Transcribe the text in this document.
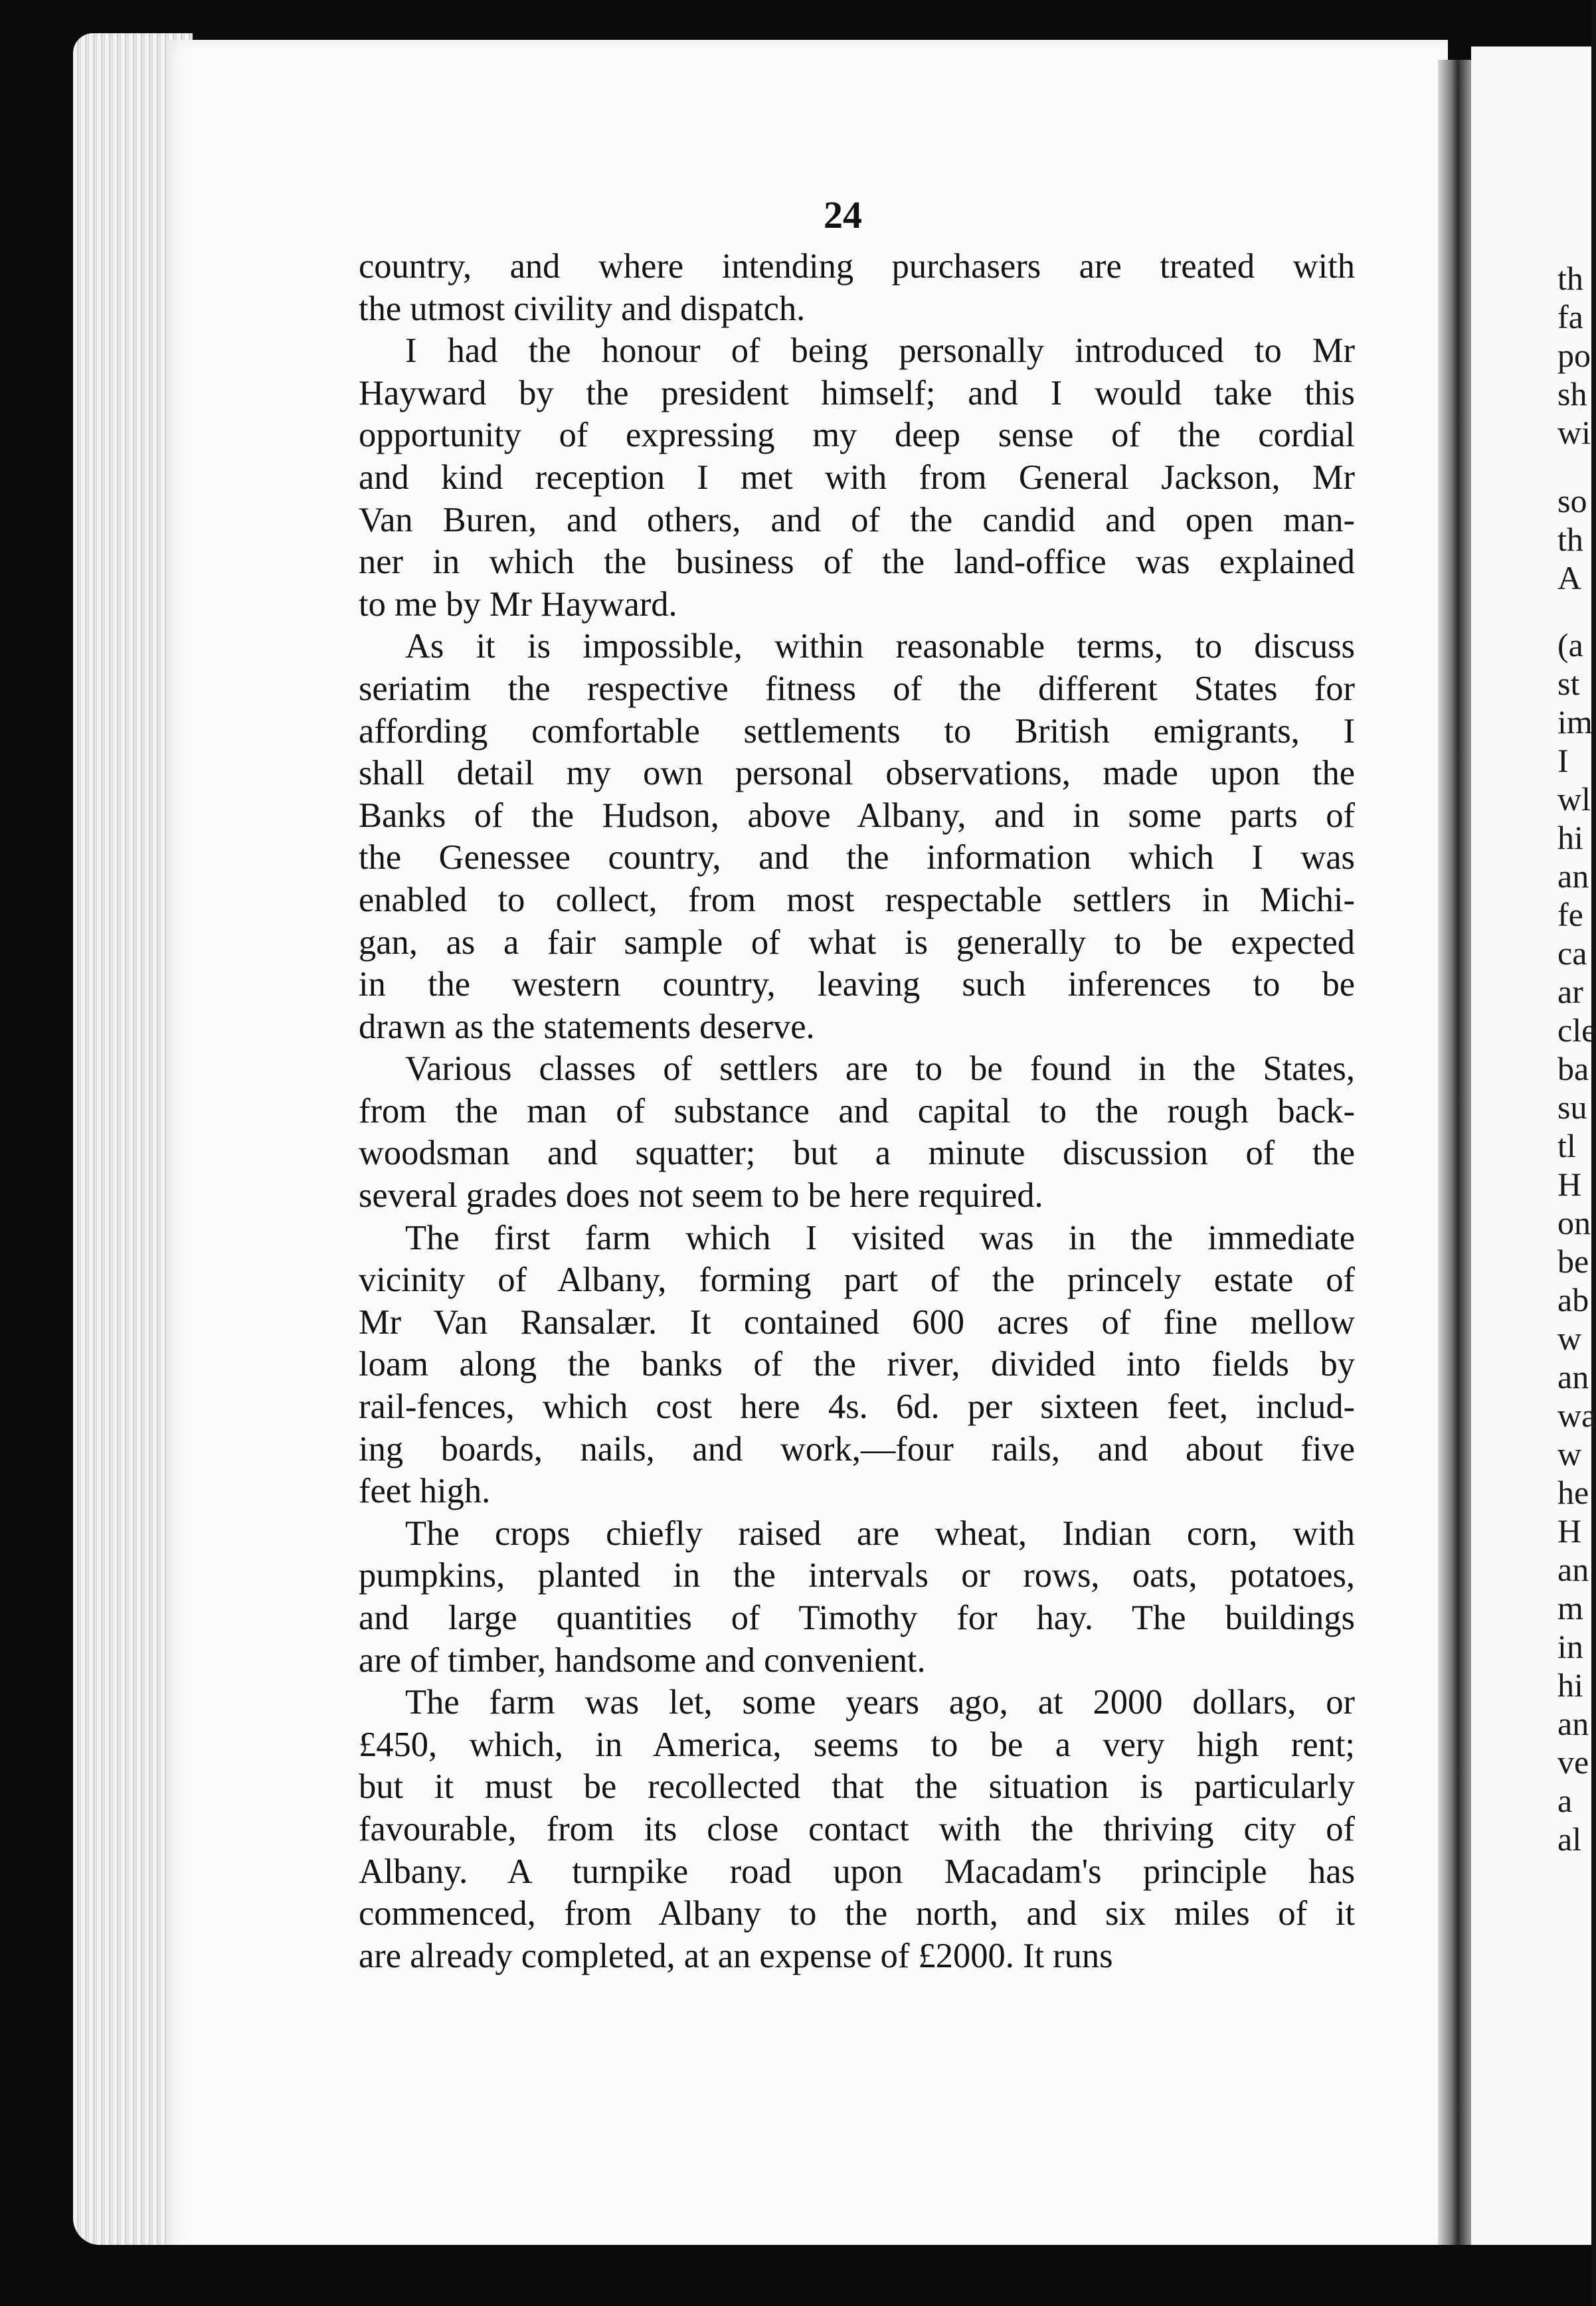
th
fa
po
sh
wi
so
th
A
(a
st
im
I
wl
hi
an
fe
ca
ar
cle
ba
su
tl
H
on
be
ab
w
an
wa
w
he
H
an
m
in
hi
an
ve
a
al
24
country, and where intending purchasers are treated with
the utmost civility and dispatch.
I had the honour of being personally introduced to Mr
Hayward by the president himself; and I would take this
opportunity of expressing my deep sense of the cordial
and kind reception I met with from General Jackson, Mr
Van Buren, and others, and of the candid and open man-
ner in which the business of the land-office was explained
to me by Mr Hayward.
As it is impossible, within reasonable terms, to discuss
seriatim the respective fitness of the different States for
affording comfortable settlements to British emigrants, I
shall detail my own personal observations, made upon the
Banks of the Hudson, above Albany, and in some parts of
the Genessee country, and the information which I was
enabled to collect, from most respectable settlers in Michi-
gan, as a fair sample of what is generally to be expected
in the western country, leaving such inferences to be
drawn as the statements deserve.
Various classes of settlers are to be found in the States,
from the man of substance and capital to the rough back-
woodsman and squatter; but a minute discussion of the
several grades does not seem to be here required.
The first farm which I visited was in the immediate
vicinity of Albany, forming part of the princely estate of
Mr Van Ransalær. It contained 600 acres of fine mellow
loam along the banks of the river, divided into fields by
rail-fences, which cost here 4s. 6d. per sixteen feet, includ-
ing boards, nails, and work,—four rails, and about five
feet high.
The crops chiefly raised are wheat, Indian corn, with
pumpkins, planted in the intervals or rows, oats, potatoes,
and large quantities of Timothy for hay. The buildings
are of timber, handsome and convenient.
The farm was let, some years ago, at 2000 dollars, or
£450, which, in America, seems to be a very high rent;
but it must be recollected that the situation is particularly
favourable, from its close contact with the thriving city of
Albany. A turnpike road upon Macadam's principle has
commenced, from Albany to the north, and six miles of it
are already completed, at an expense of £2000. It runs
